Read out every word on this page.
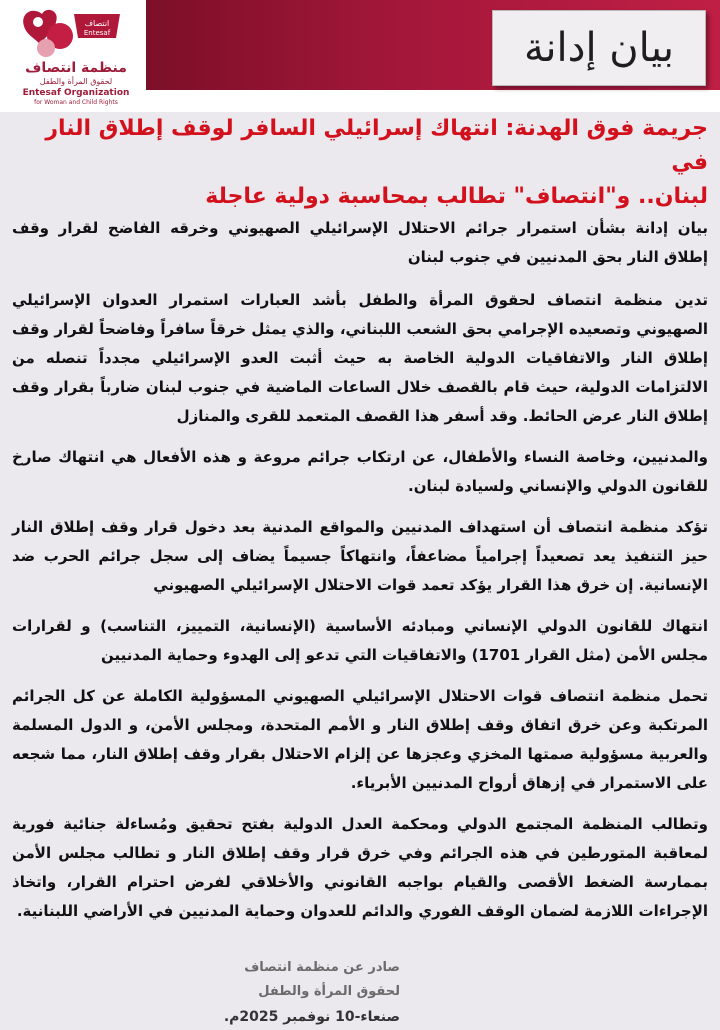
بيان إدانة
انتصاف
Entesaf
منظمة انتصاف
لحقوق المرأة والطفل
Entesaf Organization
for Woman and Child Rights

جريمة فوق الهدنة: انتهاك إسرائيلي السافر لوقف إطلاق النار في
لبنان.. و"انتصاف" تطالب بمحاسبة دولية عاجلة

بيان إدانة بشأن استمرار جرائم الاحتلال الإسرائيلي الصهيوني وخرقه الفاضح لقرار وقف إطلاق النار بحق المدنيين في جنوب لبنان

تدين منظمة انتصاف لحقوق المرأة والطفل بأشد العبارات استمرار العدوان الإسرائيلي الصهيوني وتصعيده الإجرامي بحق الشعب اللبناني، والذي يمثل خرقاً سافراً وفاضحاً لقرار وقف إطلاق النار والاتفاقيات الدولية الخاصة به حيث أثبت العدو الإسرائيلي مجدداً تنصله من الالتزامات الدولية، حيث قام بالقصف خلال الساعات الماضية في جنوب لبنان ضارباً بقرار وقف إطلاق النار عرض الحائط. وقد أسفر هذا القصف المتعمد للقرى والمنازل

والمدنيين، وخاصة النساء والأطفال، عن ارتكاب جرائم مروعة و هذه الأفعال هي انتهاك صارخ للقانون الدولي والإنساني ولسيادة لبنان.

تؤكد منظمة انتصاف أن استهداف المدنيين والمواقع المدنية بعد دخول قرار وقف إطلاق النار حيز التنفيذ يعد تصعيداً إجرامياً مضاعفاً، وانتهاكاً جسيماً يضاف إلى سجل جرائم الحرب ضد الإنسانية. إن خرق هذا القرار يؤكد تعمد قوات الاحتلال الإسرائيلي الصهيوني

انتهاك للقانون الدولي الإنساني ومبادئه الأساسية (الإنسانية، التمييز، التناسب) و لقرارات مجلس الأمن (مثل القرار 1701) والاتفاقيات التي تدعو إلى الهدوء وحماية المدنيين

تحمل منظمة انتصاف قوات الاحتلال الإسرائيلي الصهيوني المسؤولية الكاملة عن كل الجرائم المرتكبة وعن خرق اتفاق وقف إطلاق النار و الأمم المتحدة، ومجلس الأمن، و الدول المسلمة والعربية مسؤولية صمتها المخزي وعجزها عن إلزام الاحتلال بقرار وقف إطلاق النار، مما شجعه على الاستمرار في إزهاق أرواح المدنيين الأبرياء.

وتطالب المنظمة المجتمع الدولي ومحكمة العدل الدولية بفتح تحقيق ومُساءلة جنائية فورية لمعاقبة المتورطين في هذه الجرائم وفي خرق قرار وقف إطلاق النار و تطالب مجلس الأمن بممارسة الضغط الأقصى والقيام بواجبه القانوني والأخلاقي لفرض احترام القرار، واتخاذ الإجراءات اللازمة لضمان الوقف الفوري والدائم للعدوان وحماية المدنيين في الأراضي اللبنانية.

صادر عن منظمة انتصاف لحقوق المرأة والطفل
صنعاء-10 نوفمبر 2025م.
